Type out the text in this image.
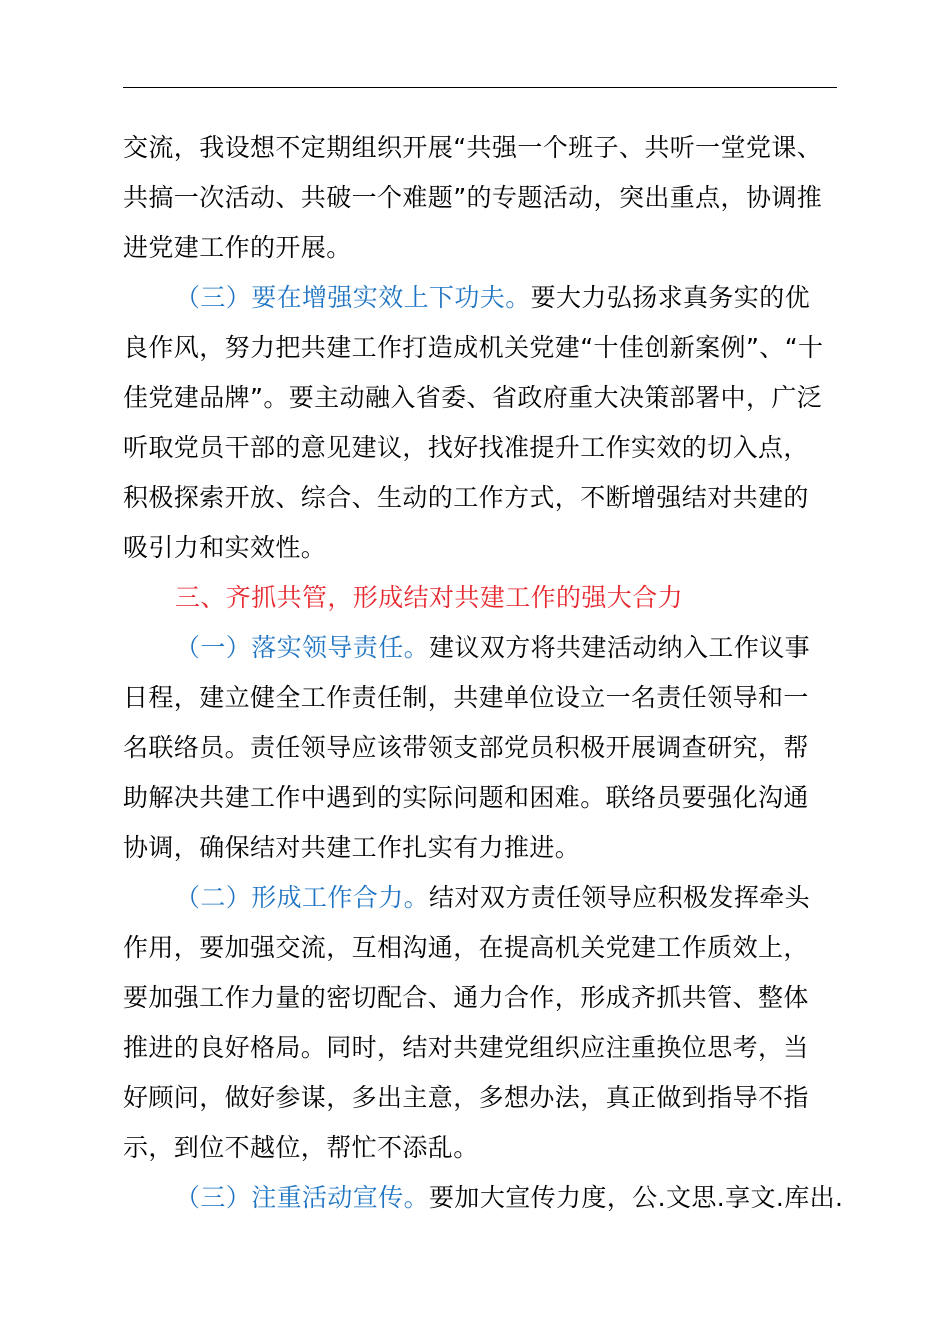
交流，我设想不定期组织开展“共强一个班子、共听一堂党课、
共搞一次活动、共破一个难题”的专题活动，突出重点，协调推
进党建工作的开展。
（三）要在增强实效上下功夫。要大力弘扬求真务实的优
良作风，努力把共建工作打造成机关党建“十佳创新案例”、“十
佳党建品牌”。要主动融入省委、省政府重大决策部署中，广泛
听取党员干部的意见建议，找好找准提升工作实效的切入点，
积极探索开放、综合、生动的工作方式，不断增强结对共建的
吸引力和实效性。
三、齐抓共管，形成结对共建工作的强大合力
（一）落实领导责任。建议双方将共建活动纳入工作议事
日程，建立健全工作责任制，共建单位设立一名责任领导和一
名联络员。责任领导应该带领支部党员积极开展调查研究，帮
助解决共建工作中遇到的实际问题和困难。联络员要强化沟通
协调，确保结对共建工作扎实有力推进。
（二）形成工作合力。结对双方责任领导应积极发挥牵头
作用，要加强交流，互相沟通，在提高机关党建工作质效上，
要加强工作力量的密切配合、通力合作，形成齐抓共管、整体
推进的良好格局。同时，结对共建党组织应注重换位思考，当
好顾问，做好参谋，多出主意，多想办法，真正做到指导不指
示，到位不越位，帮忙不添乱。
（三）注重活动宣传。要加大宣传力度，公.文思.享文.库出.
